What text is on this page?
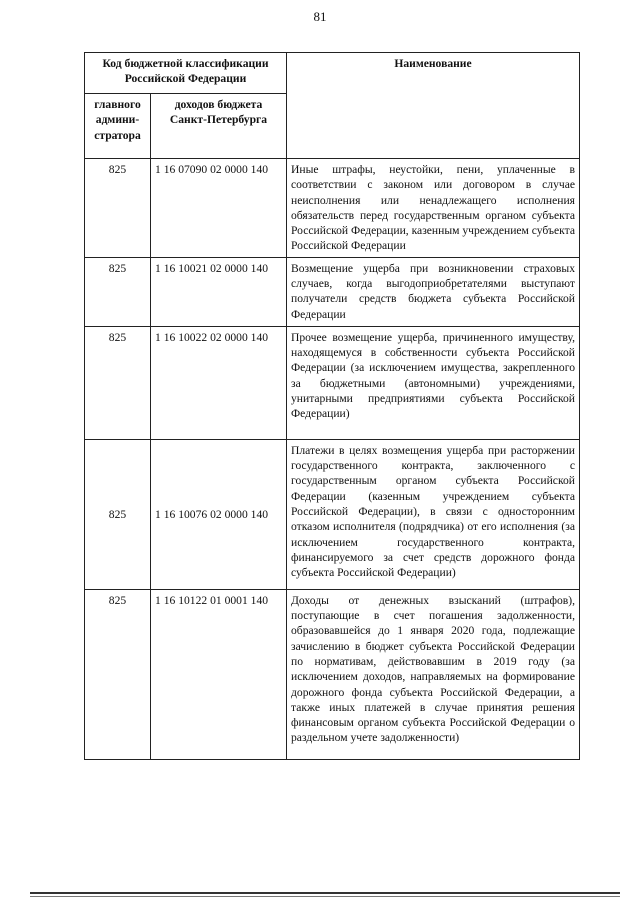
81
Код бюджетной классификации Российской Федерации		Наименование
главного админи-стратора	доходов бюджета Санкт-Петербурга	
825	1 16 07090 02 0000 140	Иные штрафы, неустойки, пени, уплаченные в соответствии с законом или договором в случае неисполнения или ненадлежащего исполнения обязательств перед государственным органом субъекта Российской Федерации, казенным учреждением субъекта Российской Федерации
825	1 16 10021 02 0000 140	Возмещение ущерба при возникновении страховых случаев, когда выгодоприобретателями выступают получатели средств бюджета субъекта Российской Федерации
825	1 16 10022 02 0000 140	Прочее возмещение ущерба, причиненного имуществу, находящемуся в собственности субъекта Российской Федерации (за исключением имущества, закрепленного за бюджетными (автономными) учреждениями, унитарными предприятиями субъекта Российской Федерации)
825	1 16 10076 02 0000 140	Платежи в целях возмещения ущерба при расторжении государственного контракта, заключенного с государственным органом субъекта Российской Федерации (казенным учреждением субъекта Российской Федерации), в связи с односторонним отказом исполнителя (подрядчика) от его исполнения (за исключением государственного контракта, финансируемого за счет средств дорожного фонда субъекта Российской Федерации)
825	1 16 10122 01 0001 140	Доходы от денежных взысканий (штрафов), поступающие в счет погашения задолженности, образовавшейся до 1 января 2020 года, подлежащие зачислению в бюджет субъекта Российской Федерации по нормативам, действовавшим в 2019 году (за исключением доходов, направляемых на формирование дорожного фонда субъекта Российской Федерации, а также иных платежей в случае принятия решения финансовым органом субъекта Российской Федерации о раздельном учете задолженности)
